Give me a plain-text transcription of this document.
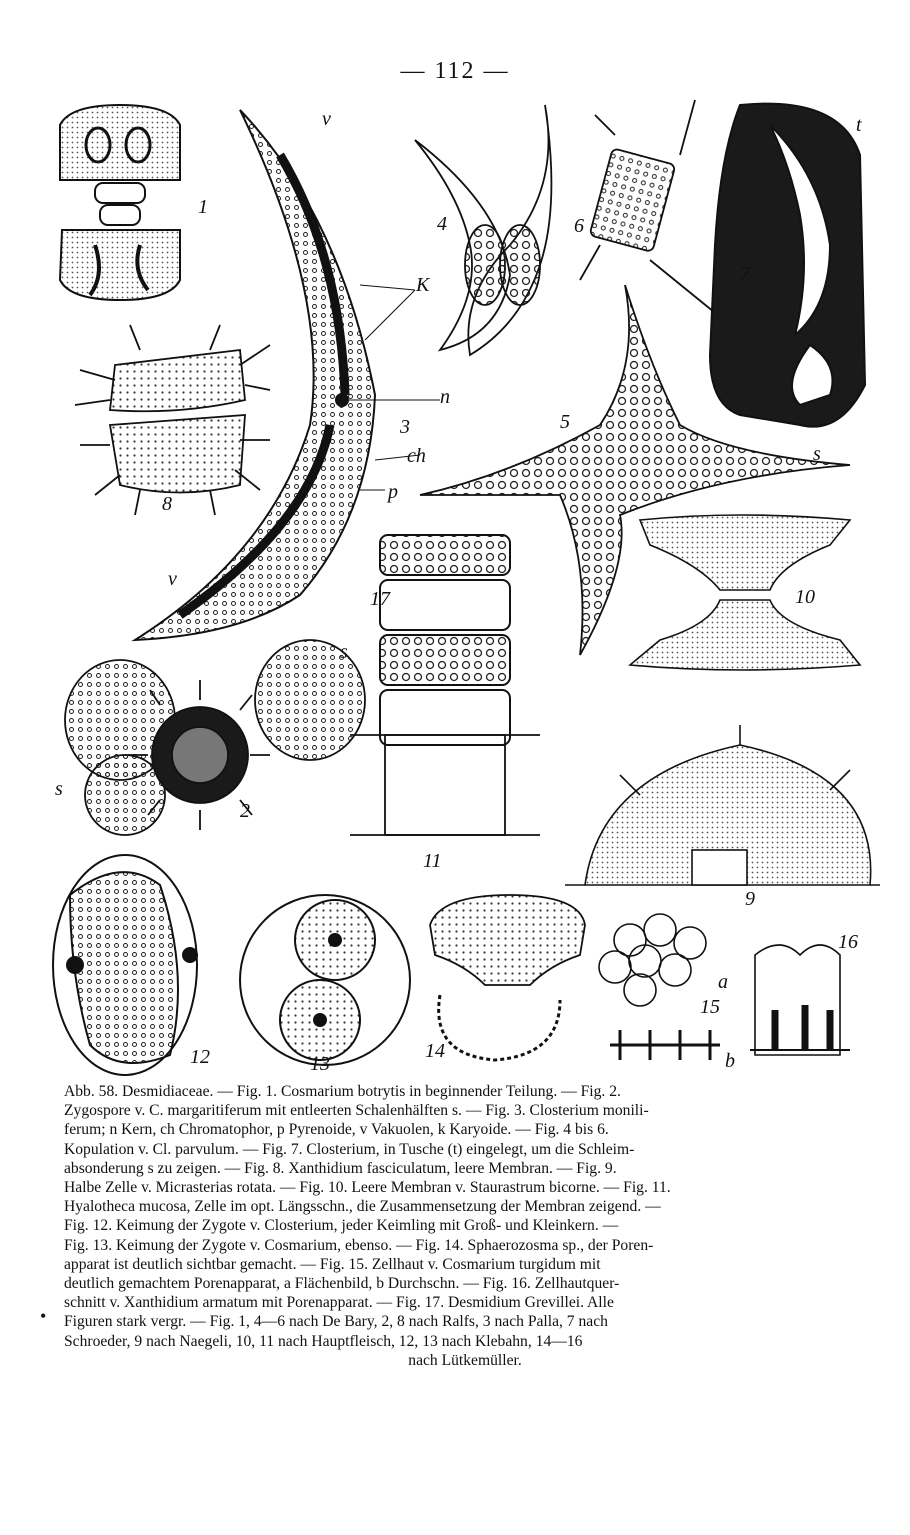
— 112 —
1
2
3
4
5
6
7
8
9
10
11
12	13
14
15
16
17
v
v
K
n
ch
p
t
s
s
s
a
b
•

Abb. 58. Desmidiaceae. — Fig. 1. Cosmarium botrytis in beginnender Teilung. — Fig. 2.

Zygospore v. C. margaritiferum mit entleerten Schalenhälften s. — Fig. 3. Closterium monili-

ferum; n Kern, ch Chromatophor, p Pyrenoide, v Vakuolen, k Karyoide. — Fig. 4 bis 6.

Kopulation v. Cl. parvulum. — Fig. 7. Closterium, in Tusche (t) eingelegt, um die Schleim-

absonderung s zu zeigen. — Fig. 8. Xanthidium fasciculatum, leere Membran. — Fig. 9.

Halbe Zelle v. Micrasterias rotata. — Fig. 10. Leere Membran v. Staurastrum bicorne. — Fig. 11.

Hyalotheca mucosa, Zelle im opt. Längsschn., die Zusammensetzung der Membran zeigend. —

Fig. 12. Keimung der Zygote v. Closterium, jeder Keimling mit Groß- und Kleinkern. —

Fig. 13. Keimung der Zygote v. Cosmarium, ebenso. — Fig. 14. Sphaerozosma sp., der Poren-

apparat ist deutlich sichtbar gemacht. — Fig. 15. Zellhaut v. Cosmarium turgidum mit

deutlich gemachtem Porenapparat, a Flächenbild, b Durchschn. — Fig. 16. Zellhautquer-

schnitt v. Xanthidium armatum mit Porenapparat. — Fig. 17. Desmidium Grevillei. Alle

Figuren stark vergr. — Fig. 1, 4—6 nach De Bary, 2, 8 nach Ralfs, 3 nach Palla, 7 nach

Schroeder, 9 nach Naegeli, 10, 11 nach Hauptfleisch, 12, 13 nach Klebahn, 14—16

nach Lütkemüller.
